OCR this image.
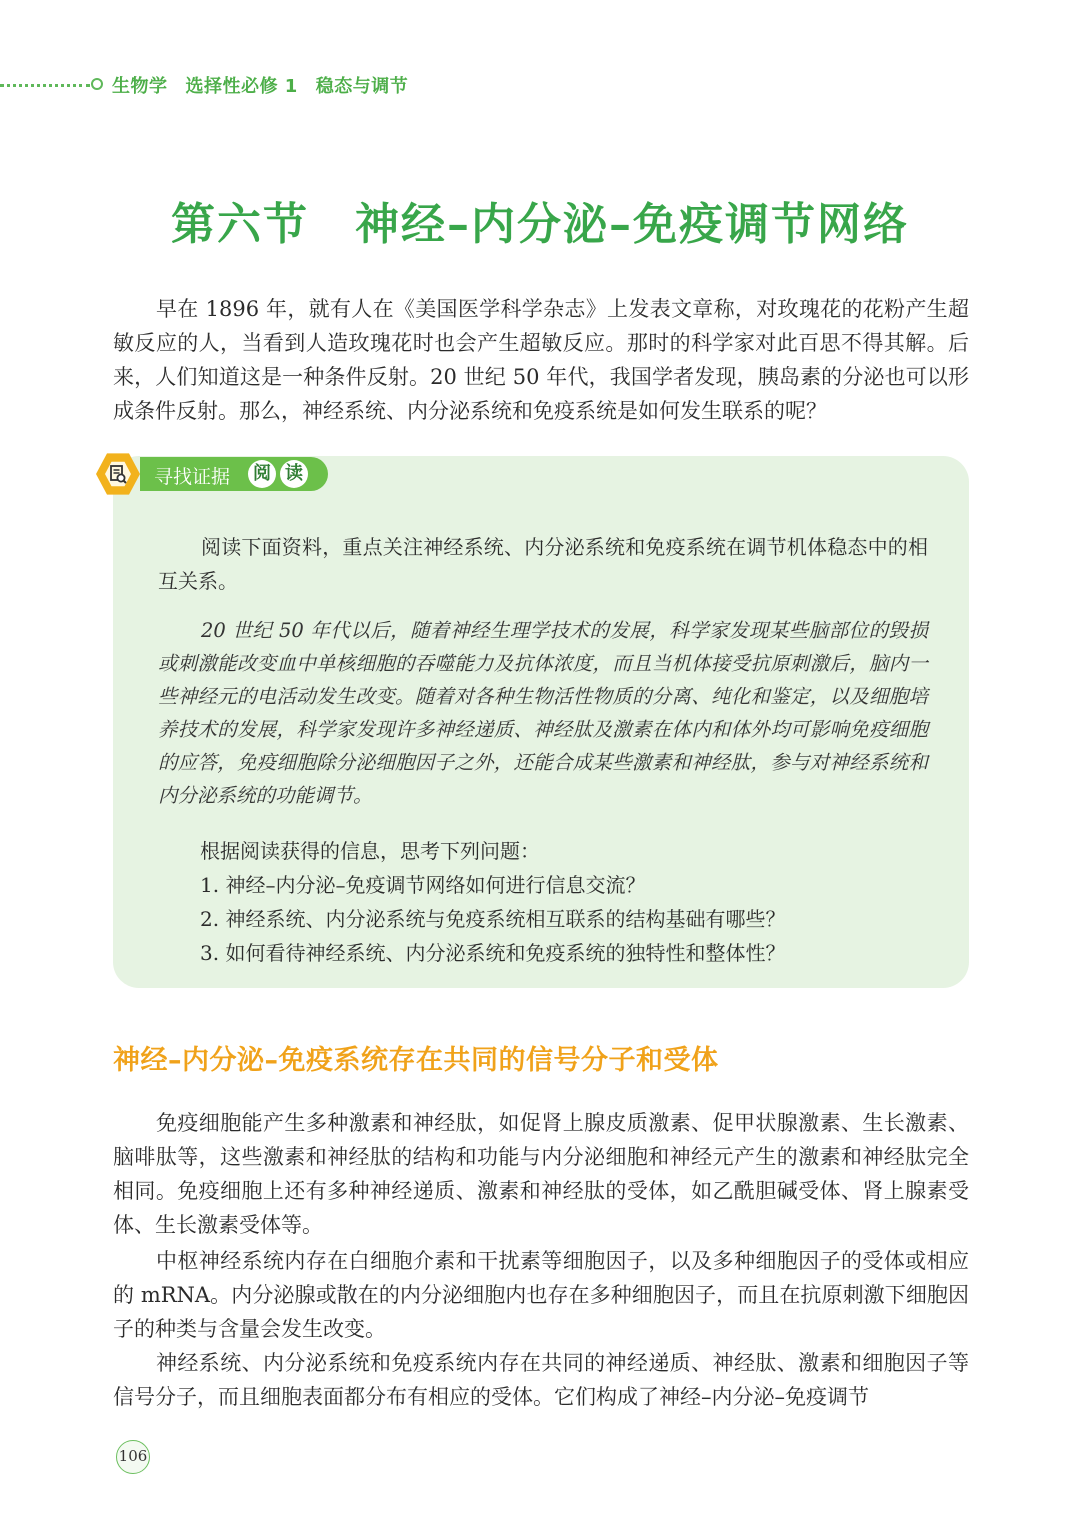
生物学 选择性必修 1 稳态与调节
第六节 神经–内分泌–免疫调节网络

早在 1896 年，就有人在《美国医学科学杂志》上发表文章称，对玫瑰花的花粉产生超敏反应的人，当看到人造玫瑰花时也会产生超敏反应。那时的科学家对此百思不得其解。后来，人们知道这是一种条件反射。20 世纪 50 年代，我国学者发现，胰岛素的分泌也可以形成条件反射。那么，神经系统、内分泌系统和免疫系统是如何发生联系的呢？

寻找证据 阅 读

阅读下面资料，重点关注神经系统、内分泌系统和免疫系统在调节机体稳态中的相互关系。

20 世纪 50 年代以后，随着神经生理学技术的发展，科学家发现某些脑部位的毁损或刺激能改变血中单核细胞的吞噬能力及抗体浓度，而且当机体接受抗原刺激后，脑内一些神经元的电活动发生改变。随着对各种生物活性物质的分离、纯化和鉴定，以及细胞培养技术的发展，科学家发现许多神经递质、神经肽及激素在体内和体外均可影响免疫细胞的应答，免疫细胞除分泌细胞因子之外，还能合成某些激素和神经肽，参与对神经系统和内分泌系统的功能调节。

根据阅读获得的信息，思考下列问题：
1. 神经–内分泌–免疫调节网络如何进行信息交流？
2. 神经系统、内分泌系统与免疫系统相互联系的结构基础有哪些？
3. 如何看待神经系统、内分泌系统和免疫系统的独特性和整体性？
神经–内分泌–免疫系统存在共同的信号分子和受体

免疫细胞能产生多种激素和神经肽，如促肾上腺皮质激素、促甲状腺激素、生长激素、脑啡肽等，这些激素和神经肽的结构和功能与内分泌细胞和神经元产生的激素和神经肽完全相同。免疫细胞上还有多种神经递质、激素和神经肽的受体，如乙酰胆碱受体、肾上腺素受体、生长激素受体等。

中枢神经系统内存在白细胞介素和干扰素等细胞因子，以及多种细胞因子的受体或相应的 mRNA。内分泌腺或散在的内分泌细胞内也存在多种细胞因子，而且在抗原刺激下细胞因子的种类与含量会发生改变。

神经系统、内分泌系统和免疫系统内存在共同的神经递质、神经肽、激素和细胞因子等信号分子，而且细胞表面都分布有相应的受体。它们构成了神经–内分泌–免疫调节

106
